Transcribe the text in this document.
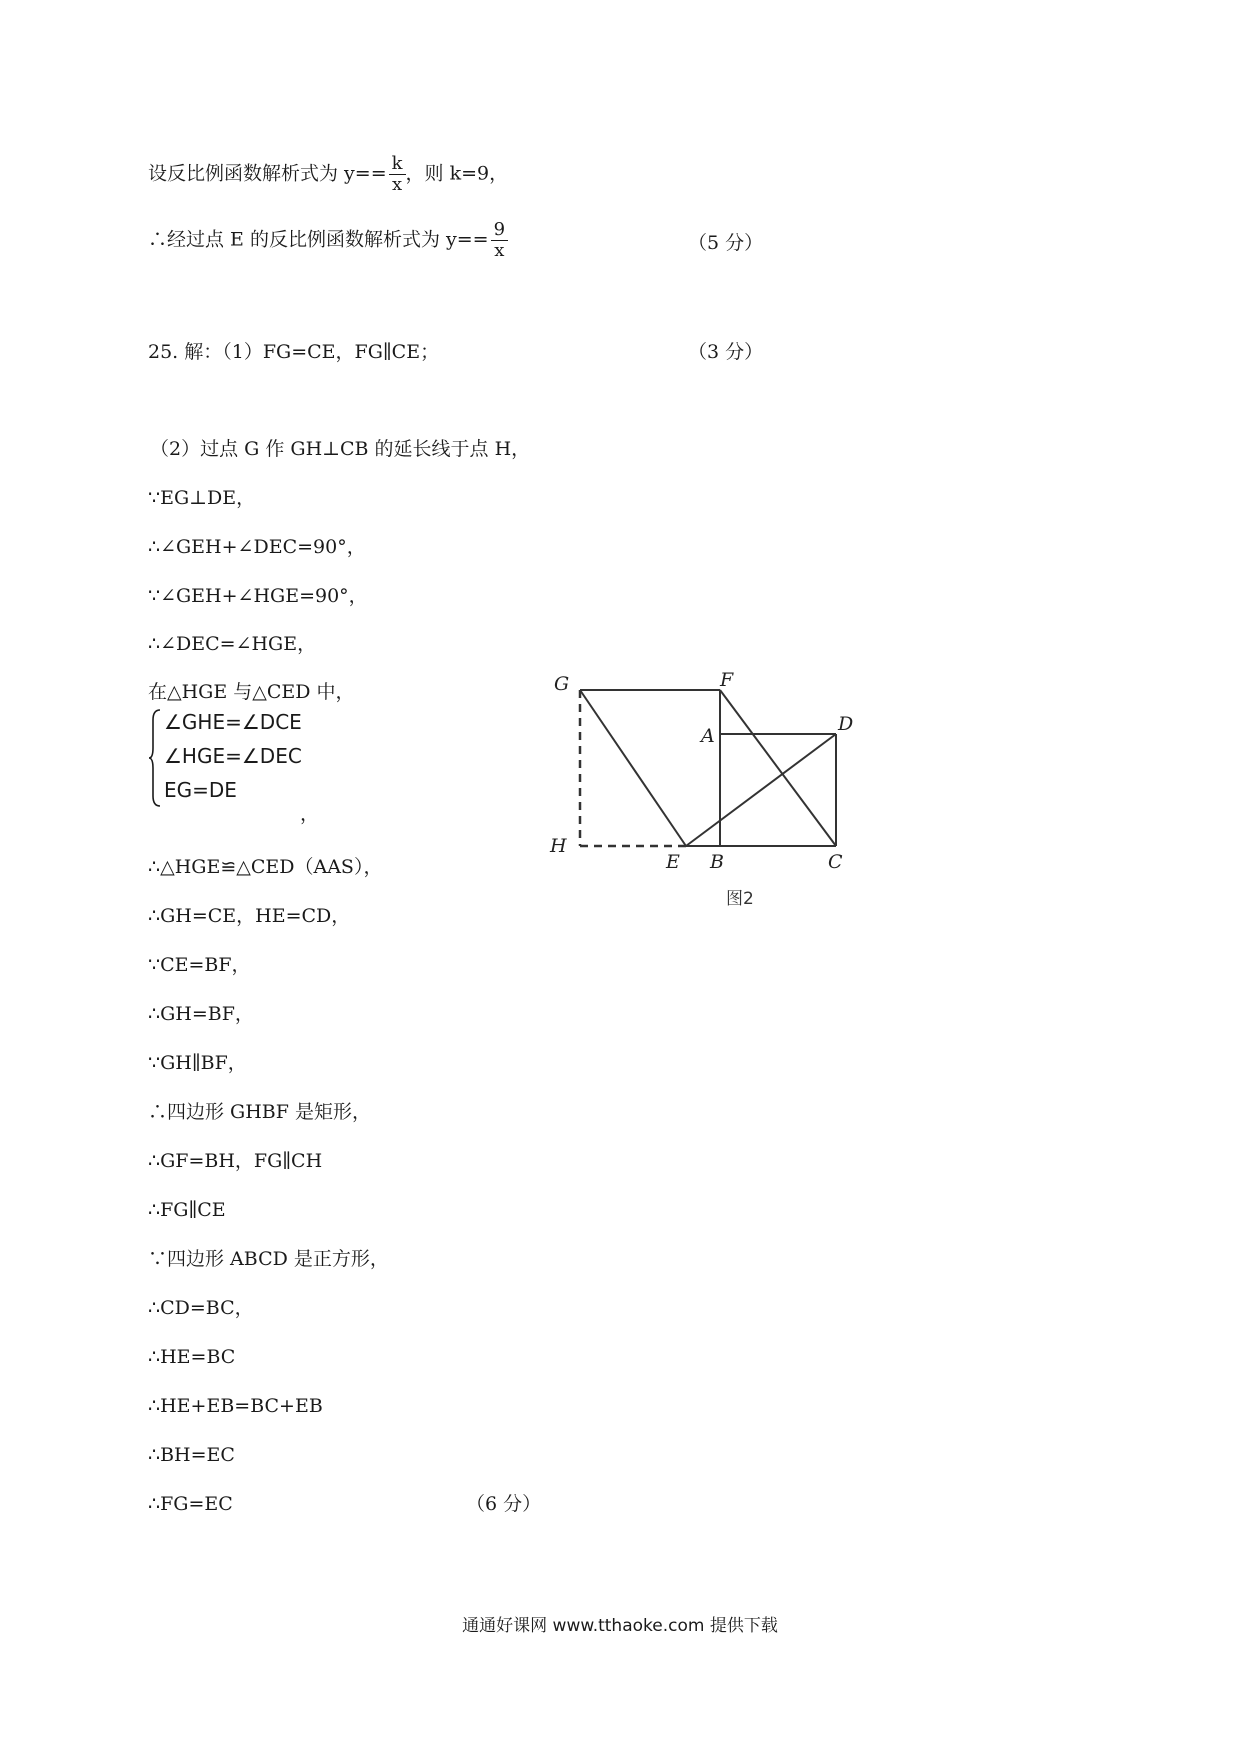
设反比例函数解析式为 $y== \frac{k}{x}$ ，则 k=9，
∴经过点 E 的反比例函数解析式为 $y== \frac{9}{x}$	（5 分）
25. 解：（1）FG=CE，FG∥CE；	（3 分）
（2）过点 G 作 GH⊥CB 的延长线于点 H，
∵EG⊥DE，
∴∠GEH+∠DEC=90°，
∵∠GEH+∠HGE=90°，
∴∠DEC=∠HGE，
在△HGE 与△CED 中，
∠GHE=∠DCE
∠HGE=∠DEC
EG=DE
，
∴△HGE≌△CED（AAS），
∴GH=CE，HE=CD，
∵CE=BF，
∴GH=BF，
∵GH∥BF，
∴四边形 GHBF 是矩形，
∴GF=BH，FG∥CH
∴FG∥CE
∵四边形 ABCD 是正方形，
∴CD=BC，
∴HE=BC
∴HE+EB=BC+EB
∴BH=EC
∴FG=EC	（6 分）
G	F
A
D
H
E B	C
图2
通通好课网 www.tthaoke.com 提供下载
